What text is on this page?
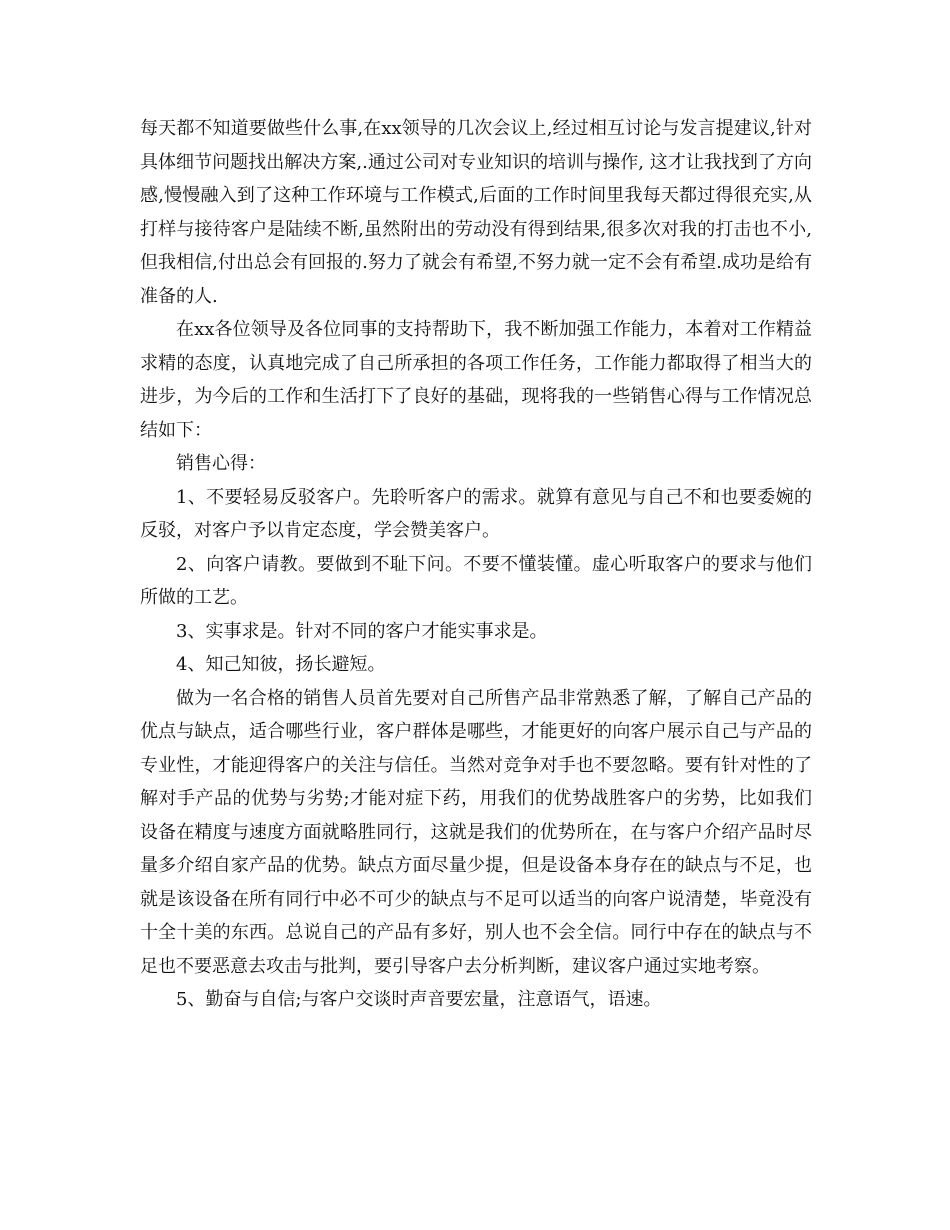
每天都不知道要做些什么事,在xx领导的几次会议上,经过相互讨论与发言提建议,针对具体细节问题找出解决方案,.通过公司对专业知识的培训与操作, 这才让我找到了方向感,慢慢融入到了这种工作环境与工作模式,后面的工作时间里我每天都过得很充实,从打样与接待客户是陆续不断,虽然附出的劳动没有得到结果,很多次对我的打击也不小,但我相信,付出总会有回报的.努力了就会有希望,不努力就一定不会有希望.成功是给有准备的人.

在xx各位领导及各位同事的支持帮助下，我不断加强工作能力，本着对工作精益求精的态度，认真地完成了自己所承担的各项工作任务，工作能力都取得了相当大的进步，为今后的工作和生活打下了良好的基础，现将我的一些销售心得与工作情况总结如下：

销售心得：

1、不要轻易反驳客户。先聆听客户的需求。就算有意见与自己不和也要委婉的反驳，对客户予以肯定态度，学会赞美客户。

2、向客户请教。要做到不耻下问。不要不懂装懂。虚心听取客户的要求与他们所做的工艺。

3、实事求是。针对不同的客户才能实事求是。

4、知己知彼，扬长避短。

做为一名合格的销售人员首先要对自己所售产品非常熟悉了解，了解自己产品的优点与缺点，适合哪些行业，客户群体是哪些，才能更好的向客户展示自己与产品的专业性，才能迎得客户的关注与信任。当然对竞争对手也不要忽略。要有针对性的了解对手产品的优势与劣势;才能对症下药，用我们的优势战胜客户的劣势，比如我们设备在精度与速度方面就略胜同行，这就是我们的优势所在，在与客户介绍产品时尽量多介绍自家产品的优势。缺点方面尽量少提，但是设备本身存在的缺点与不足，也就是该设备在所有同行中必不可少的缺点与不足可以适当的向客户说清楚，毕竟没有十全十美的东西。总说自己的产品有多好，别人也不会全信。同行中存在的缺点与不足也不要恶意去攻击与批判，要引导客户去分析判断，建议客户通过实地考察。

5、勤奋与自信;与客户交谈时声音要宏量，注意语气，语速。
